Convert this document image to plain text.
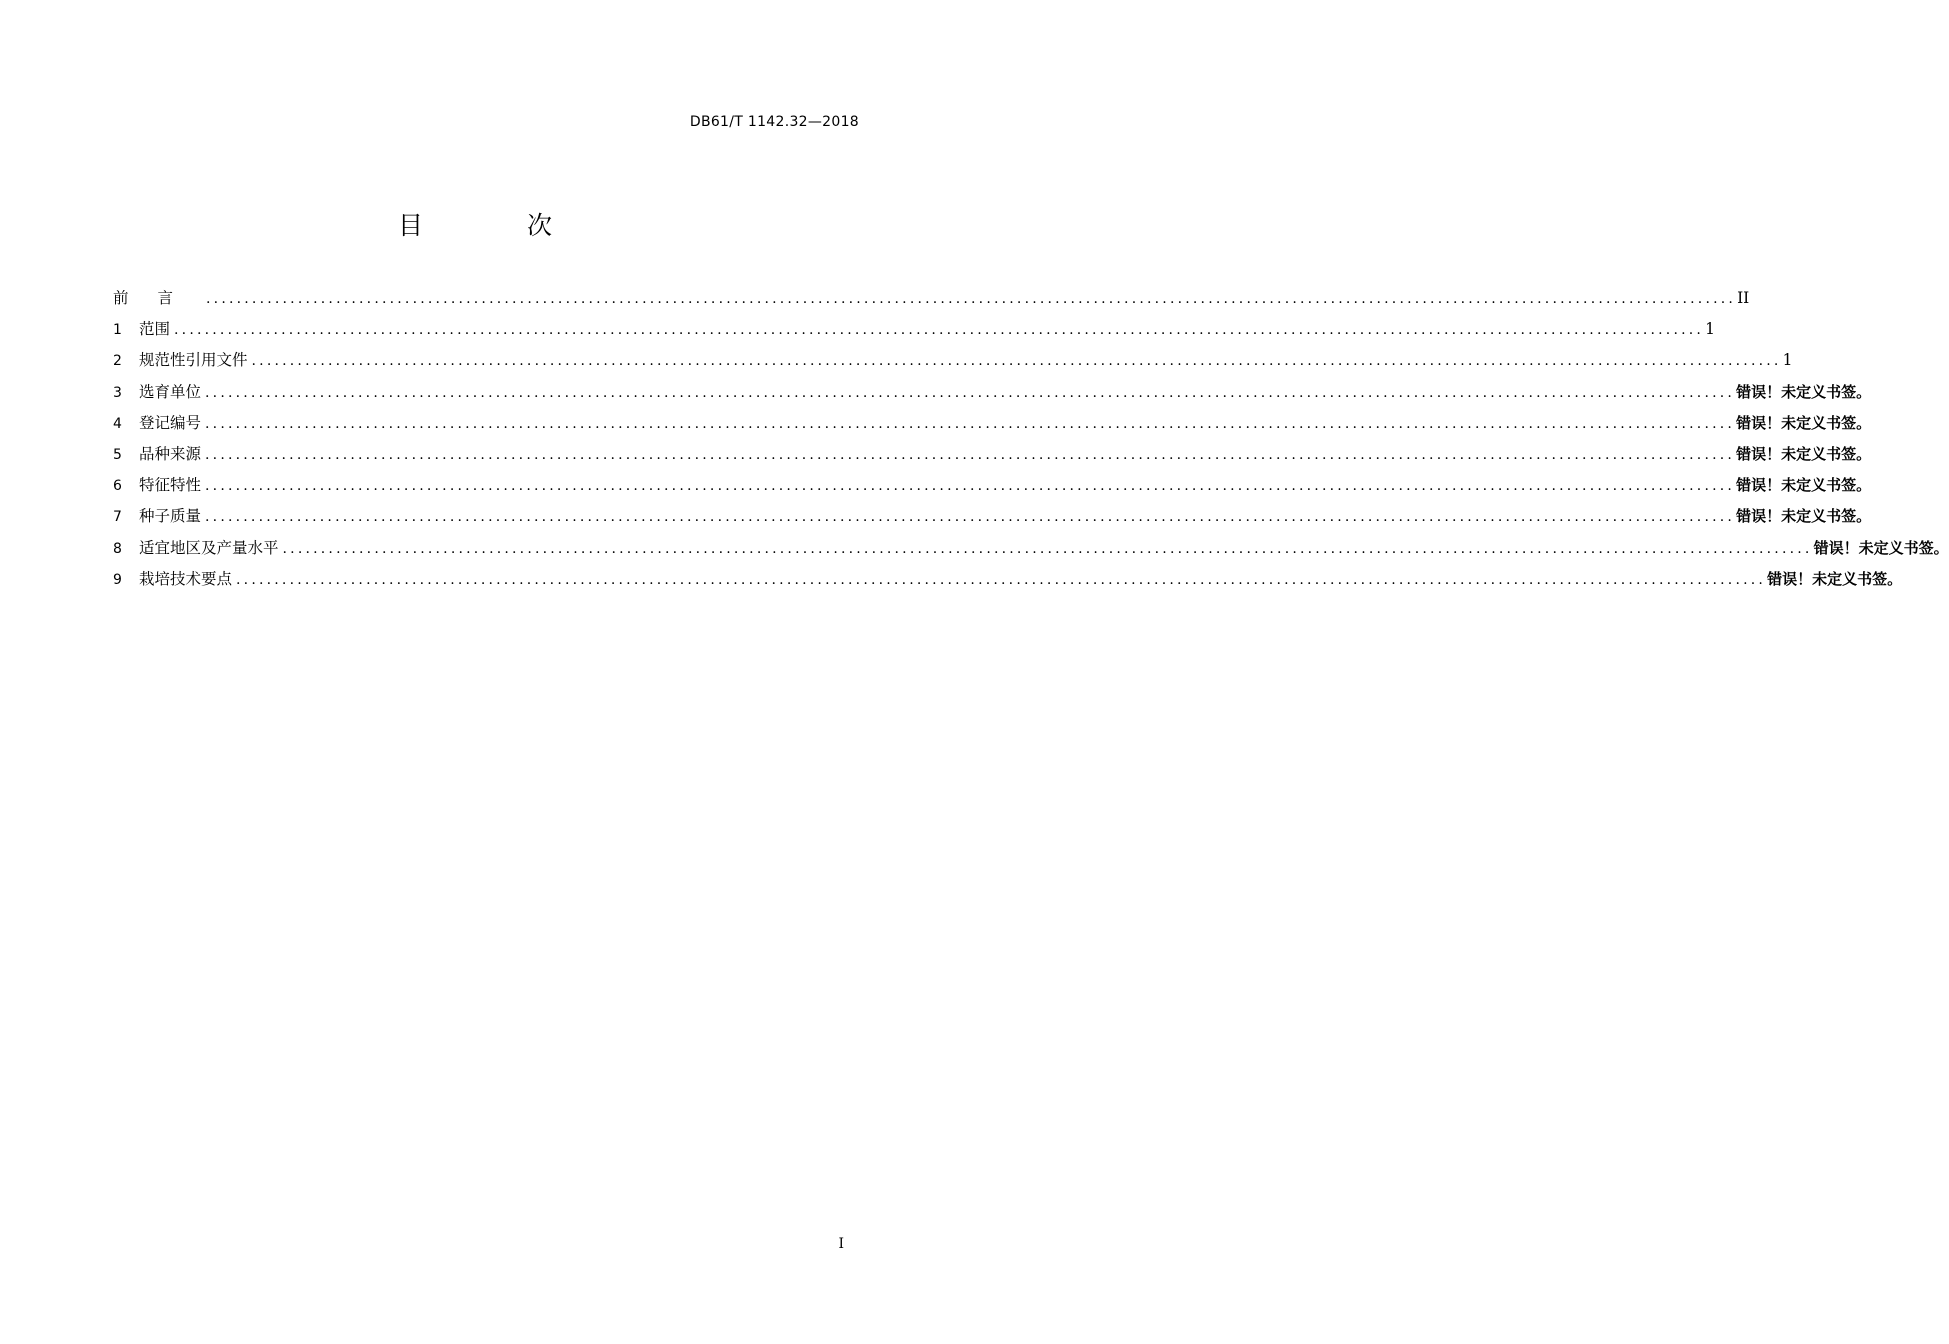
DB61/T 1142.32—2018
目 次
前言 ........................................................................................................................................................................................................ II
1	范围 ........................................................................................................................................................................................................ 1
2	规范性引用文件 ........................................................................................................................................................................................................ 1
3	选育单位 ........................................................................................................................................................................................................ 错误！未定义书签。
4	登记编号 ........................................................................................................................................................................................................ 错误！未定义书签。
5	品种来源 ........................................................................................................................................................................................................ 错误！未定义书签。
6	特征特性 ........................................................................................................................................................................................................ 错误！未定义书签。
7	种子质量 ........................................................................................................................................................................................................ 错误！未定义书签。
8	适宜地区及产量水平 ........................................................................................................................................................................................................ 错误！未定义书签。
9	栽培技术要点 ........................................................................................................................................................................................................ 错误！未定义书签。
I
